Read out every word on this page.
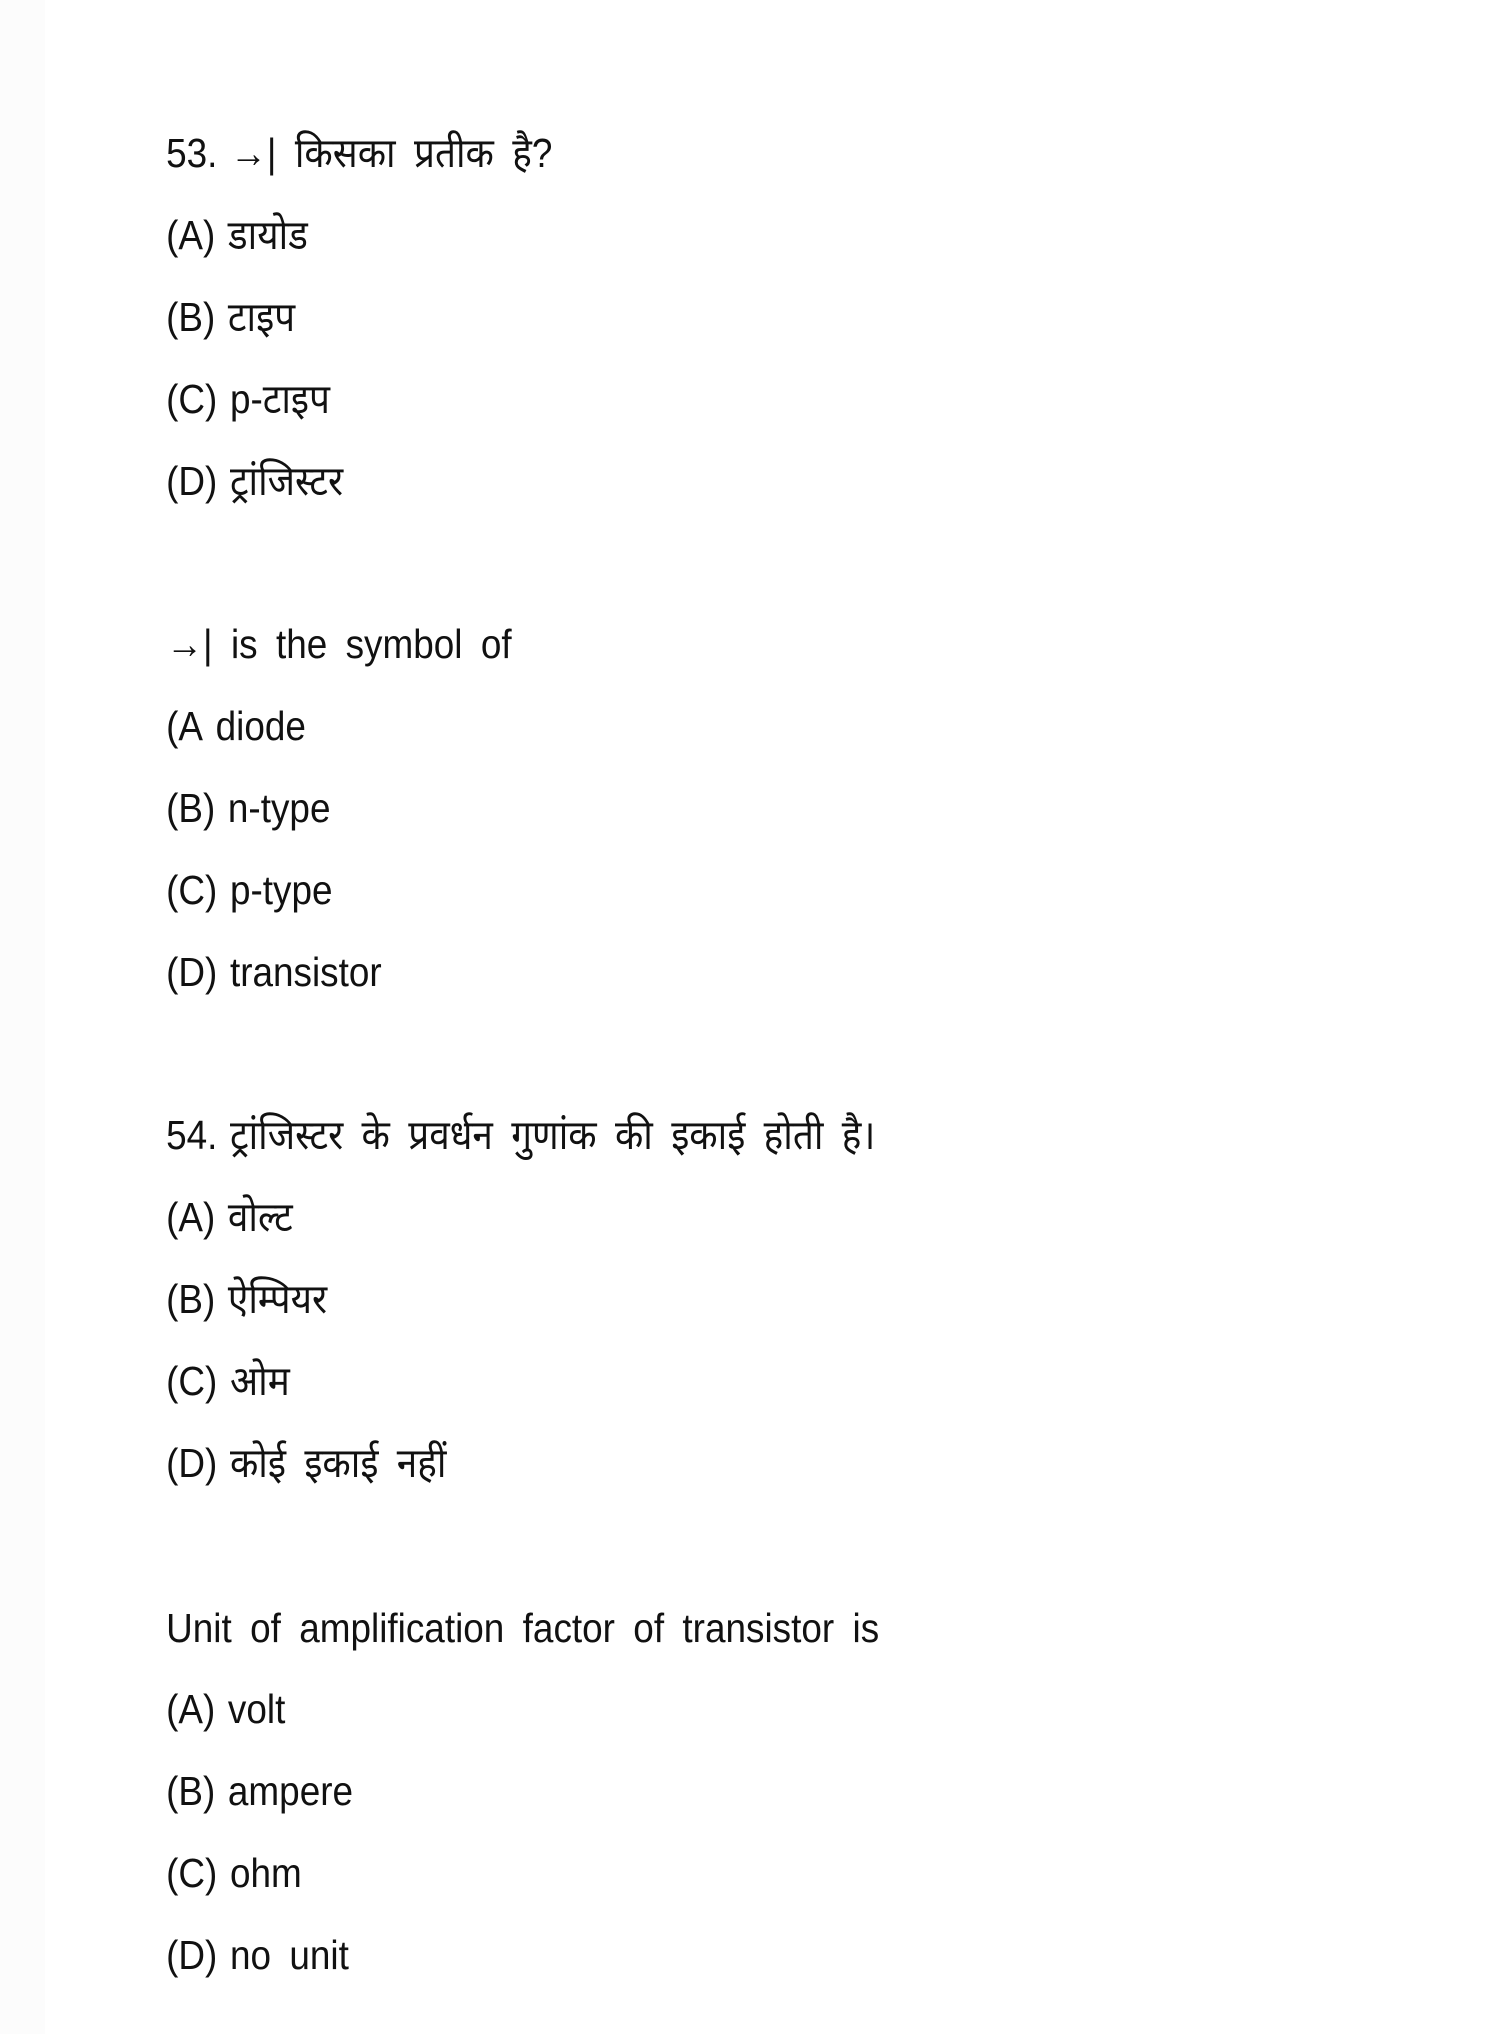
53. →| किसका प्रतीक है?

(A) डायोड

(B) टाइप

(C) p-टाइप

(D) ट्रांजिस्टर

→| is the symbol of

(A diode

(B) n-type

(C) p-type

(D) transistor

54. ट्रांजिस्टर के प्रवर्धन गुणांक की इकाई होती है।

(A) वोल्ट

(B) ऐम्पियर

(C) ओम

(D) कोई इकाई नहीं

Unit of amplification factor of transistor is

(A) volt

(B) ampere

(C) ohm

(D) no unit
